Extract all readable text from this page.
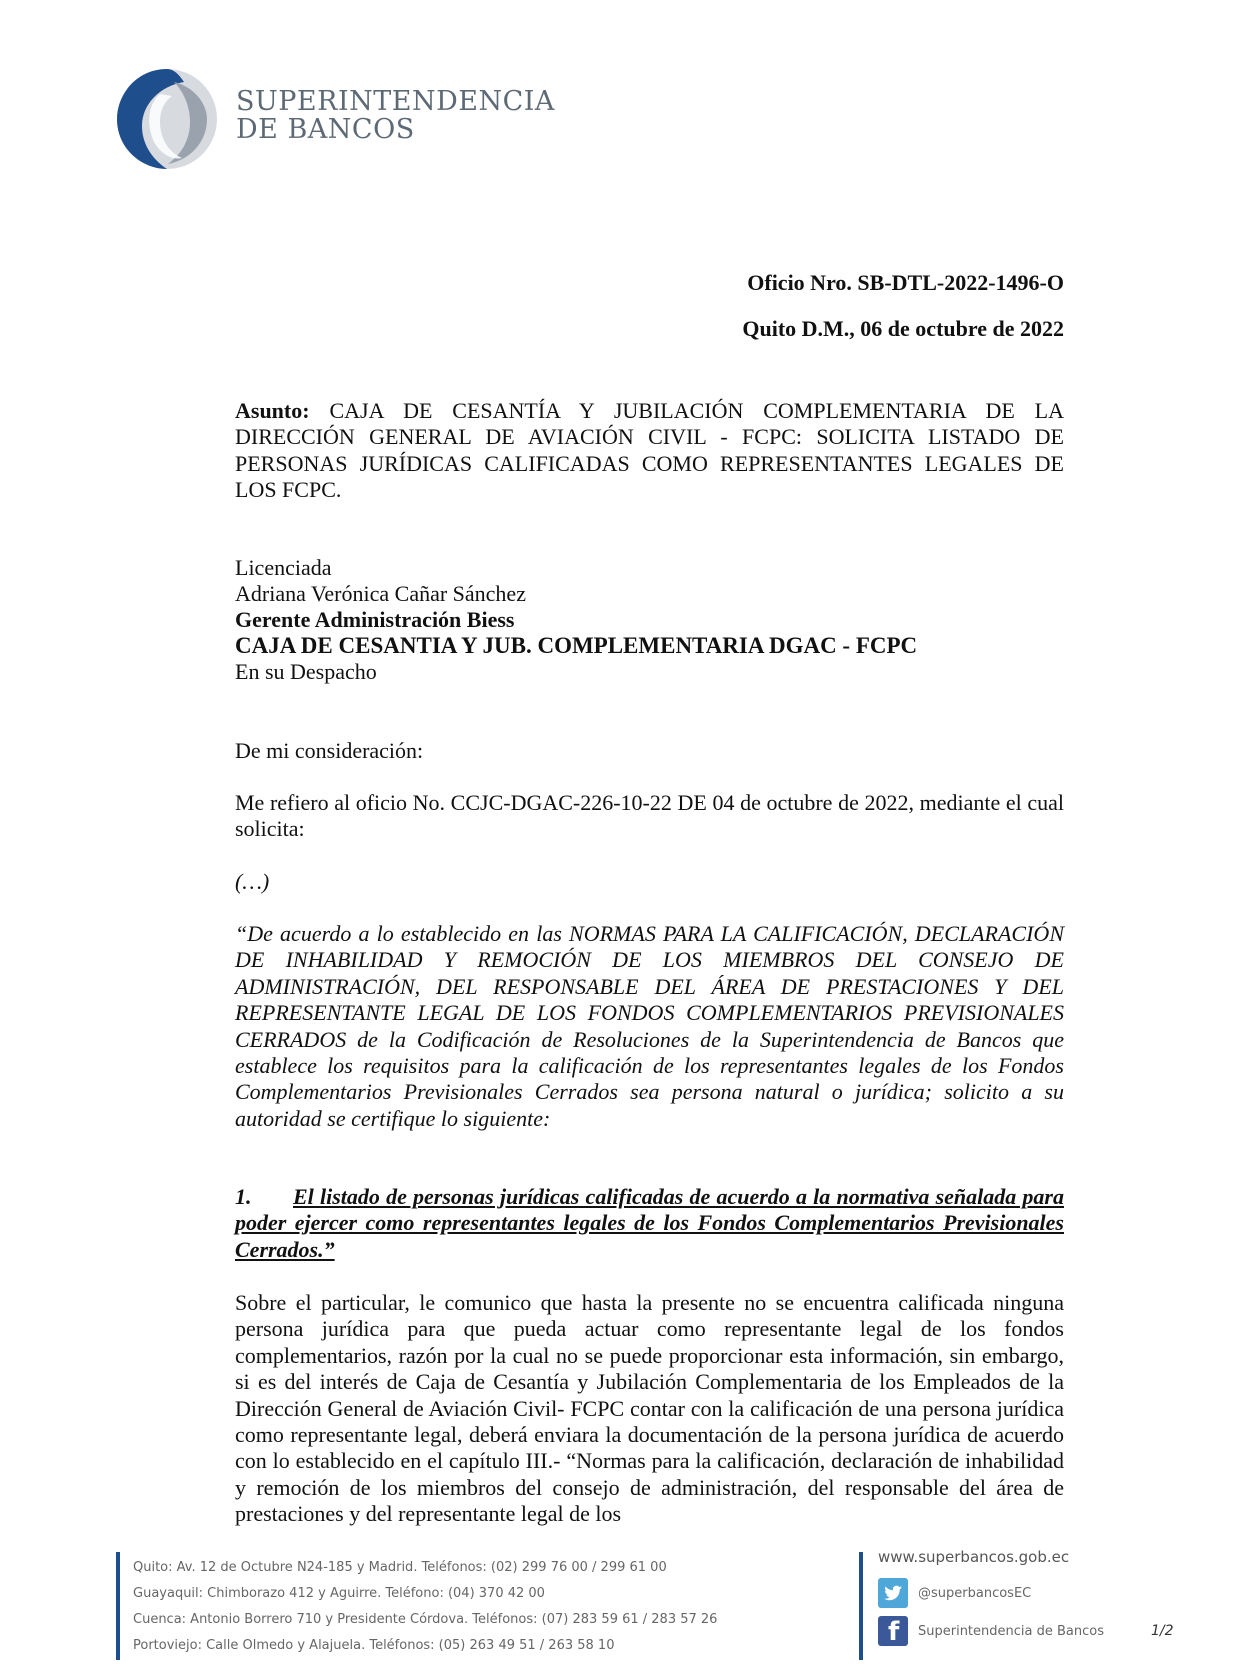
SUPERINTENDENCIA
DE BANCOS
Oficio Nro. SB-DTL-2022-1496-O
Quito D.M., 06 de octubre de 2022
Asunto: CAJA DE CESANTÍA Y JUBILACIÓN COMPLEMENTARIA DE LA DIRECCIÓN GENERAL DE AVIACIÓN CIVIL - FCPC: SOLICITA LISTADO DE PERSONAS JURÍDICAS CALIFICADAS COMO REPRESENTANTES LEGALES DE LOS FCPC.
Licenciada
Adriana Verónica Cañar Sánchez
Gerente Administración Biess
CAJA DE CESANTIA Y JUB. COMPLEMENTARIA DGAC - FCPC
En su Despacho
De mi consideración:
Me refiero al oficio No. CCJC-DGAC-226-10-22 DE 04 de octubre de 2022, mediante el cual solicita:
(…)
“De acuerdo a lo establecido en las NORMAS PARA LA CALIFICACIÓN, DECLARACIÓN DE INHABILIDAD Y REMOCIÓN DE LOS MIEMBROS DEL CONSEJO DE ADMINISTRACIÓN, DEL RESPONSABLE DEL ÁREA DE PRESTACIONES Y DEL REPRESENTANTE LEGAL DE LOS FONDOS COMPLEMENTARIOS PREVISIONALES CERRADOS de la Codificación de Resoluciones de la Superintendencia de Bancos que establece los requisitos para la calificación de los representantes legales de los Fondos Complementarios Previsionales Cerrados sea persona natural o jurídica; solicito a su autoridad se certifique lo siguiente:
1. El listado de personas jurídicas calificadas de acuerdo a la normativa señalada para poder ejercer como representantes legales de los Fondos Complementarios Previsionales Cerrados.”
Sobre el particular, le comunico que hasta la presente no se encuentra calificada ninguna persona jurídica para que pueda actuar como representante legal de los fondos complementarios, razón por la cual no se puede proporcionar esta información, sin embargo, si es del interés de Caja de Cesantía y Jubilación Complementaria de los Empleados de la Dirección General de Aviación Civil- FCPC contar con la calificación de una persona jurídica como representante legal, deberá enviara la documentación de la persona jurídica de acuerdo con lo establecido en el capítulo III.- “Normas para la calificación, declaración de inhabilidad y remoción de los miembros del consejo de administración, del responsable del área de prestaciones y del representante legal de los
Quito: Av. 12 de Octubre N24-185 y Madrid. Teléfonos: (02) 299 76 00 / 299 61 00
Guayaquil: Chimborazo 412 y Aguirre. Teléfono: (04) 370 42 00
Cuenca: Antonio Borrero 710 y Presidente Córdova. Teléfonos: (07) 283 59 61 / 283 57 26
Portoviejo: Calle Olmedo y Alajuela. Teléfonos: (05) 263 49 51 / 263 58 10
www.superbancos.gob.ec
@superbancosEC
f
Superintendencia de Bancos	1/2
